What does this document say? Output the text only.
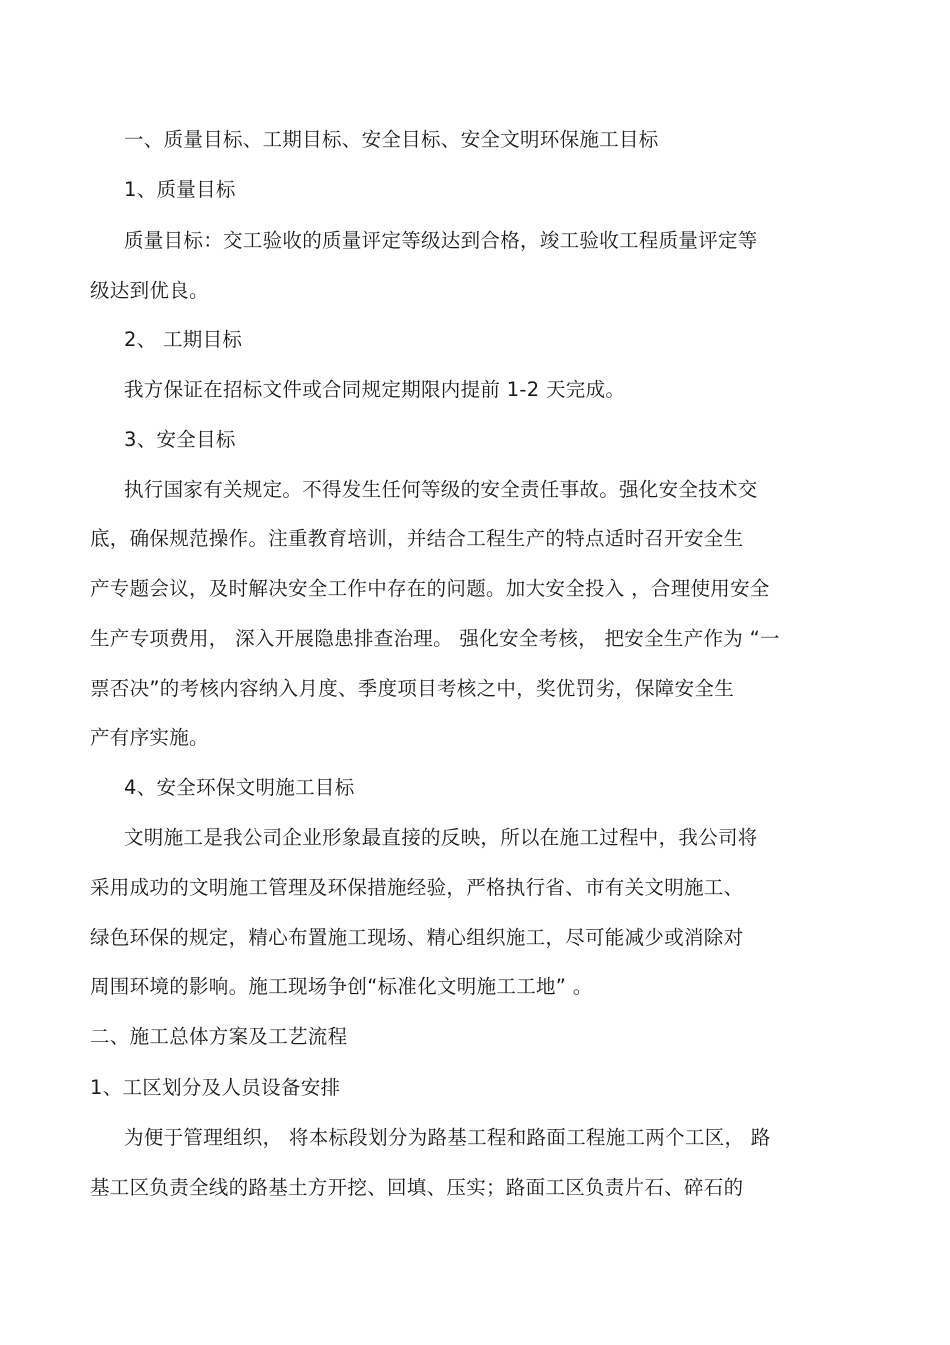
一、质量目标、工期目标、安全目标、安全文明环保施工目标
1、质量目标
质量目标：交工验收的质量评定等级达到合格，竣工验收工程质量评定等
级达到优良。
2、 工期目标
我方保证在招标文件或合同规定期限内提前 1-2 天完成。
3、安全目标
执行国家有关规定。不得发生任何等级的安全责任事故。强化安全技术交
底，确保规范操作。注重教育培训，并结合工程生产的特点适时召开安全生
产专题会议，及时解决安全工作中存在的问题。加大安全投入 ，合理使用安全
生产专项费用， 深入开展隐患排查治理。 强化安全考核， 把安全生产作为 “一
票否决”的考核内容纳入月度、季度项目考核之中，奖优罚劣，保障安全生
产有序实施。
4、安全环保文明施工目标
文明施工是我公司企业形象最直接的反映，所以在施工过程中，我公司将
采用成功的文明施工管理及环保措施经验，严格执行省、市有关文明施工、
绿色环保的规定，精心布置施工现场、精心组织施工，尽可能减少或消除对
周围环境的影响。施工现场争创“标准化文明施工工地” 。
二、施工总体方案及工艺流程
1、工区划分及人员设备安排
为便于管理组织， 将本标段划分为路基工程和路面工程施工两个工区， 路
基工区负责全线的路基土方开挖、回填、压实；路面工区负责片石、碎石的
